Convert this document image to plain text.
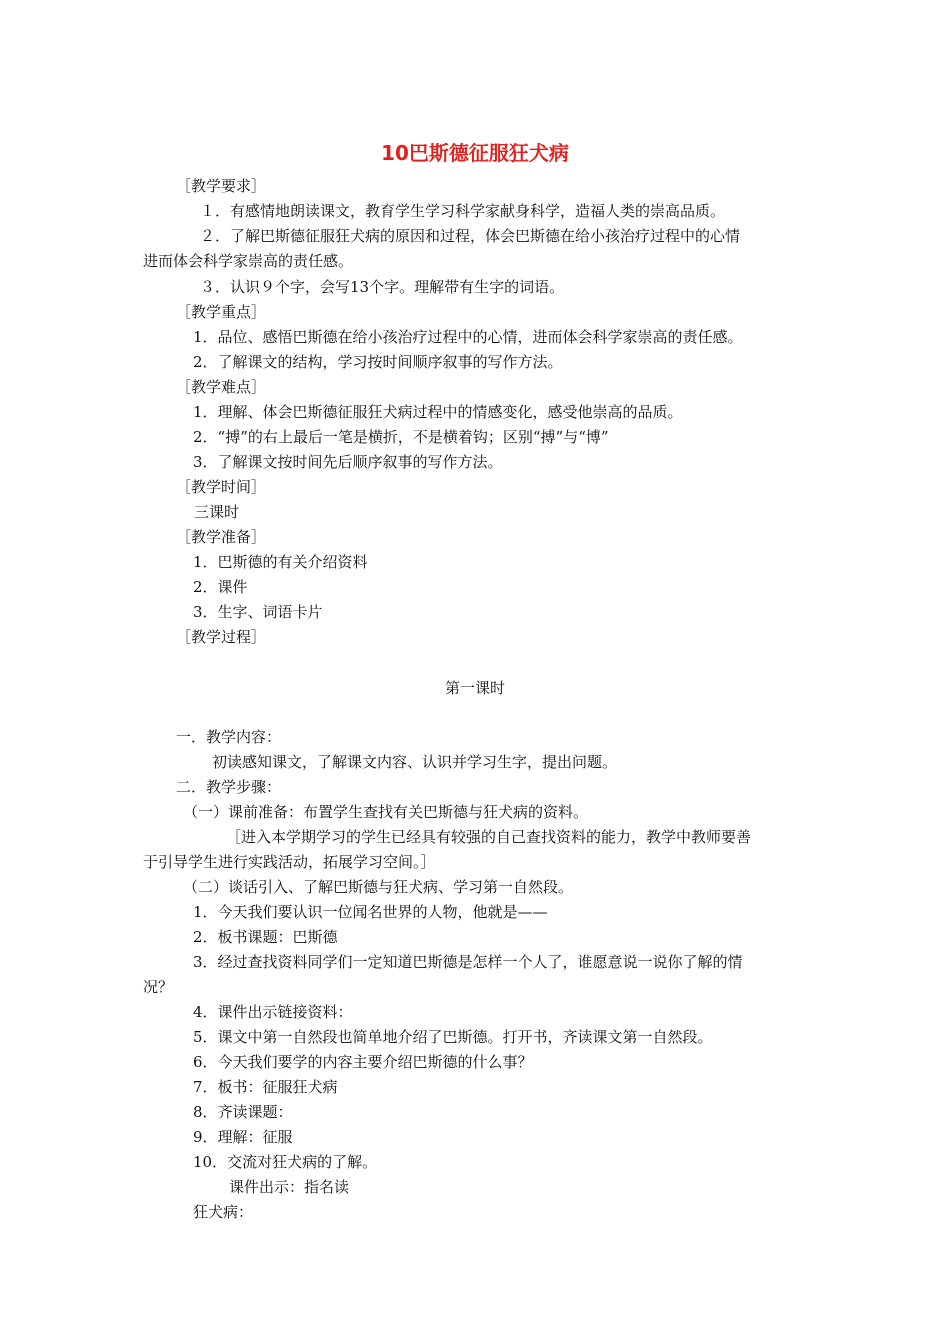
10巴斯德征服狂犬病
［教学要求］
１．有感情地朗读课文，教育学生学习科学家献身科学，造福人类的崇高品质。
２．了解巴斯德征服狂犬病的原因和过程，体会巴斯德在给小孩治疗过程中的心情
进而体会科学家崇高的责任感。
３．认识９个字，会写13个字。理解带有生字的词语。
［教学重点］
1．品位、感悟巴斯德在给小孩治疗过程中的心情，进而体会科学家崇高的责任感。
2．了解课文的结构，学习按时间顺序叙事的写作方法。
［教学难点］
1．理解、体会巴斯德征服狂犬病过程中的情感变化，感受他崇高的品质。
2．“搏”的右上最后一笔是横折，不是横着钩；区别“搏”与“博”
3．了解课文按时间先后顺序叙事的写作方法。
［教学时间］
三课时
［教学准备］
1．巴斯德的有关介绍资料
2．课件
3．生字、词语卡片
［教学过程］
第一课时
一．教学内容：
初读感知课文，了解课文内容、认识并学习生字，提出问题。
二．教学步骤：
（一）课前准备：布置学生查找有关巴斯德与狂犬病的资料。
［进入本学期学习的学生已经具有较强的自己查找资料的能力，教学中教师要善
于引导学生进行实践活动，拓展学习空间。］
（二）谈话引入、了解巴斯德与狂犬病、学习第一自然段。
1．今天我们要认识一位闻名世界的人物，他就是——
2．板书课题：巴斯德
3．经过查找资料同学们一定知道巴斯德是怎样一个人了，谁愿意说一说你了解的情
况？
4．课件出示链接资料：
5．课文中第一自然段也简单地介绍了巴斯德。打开书，齐读课文第一自然段。
6．今天我们要学的内容主要介绍巴斯德的什么事？
7．板书：征服狂犬病
8．齐读课题：
9．理解：征服
10．交流对狂犬病的了解。
课件出示：指名读
狂犬病：
